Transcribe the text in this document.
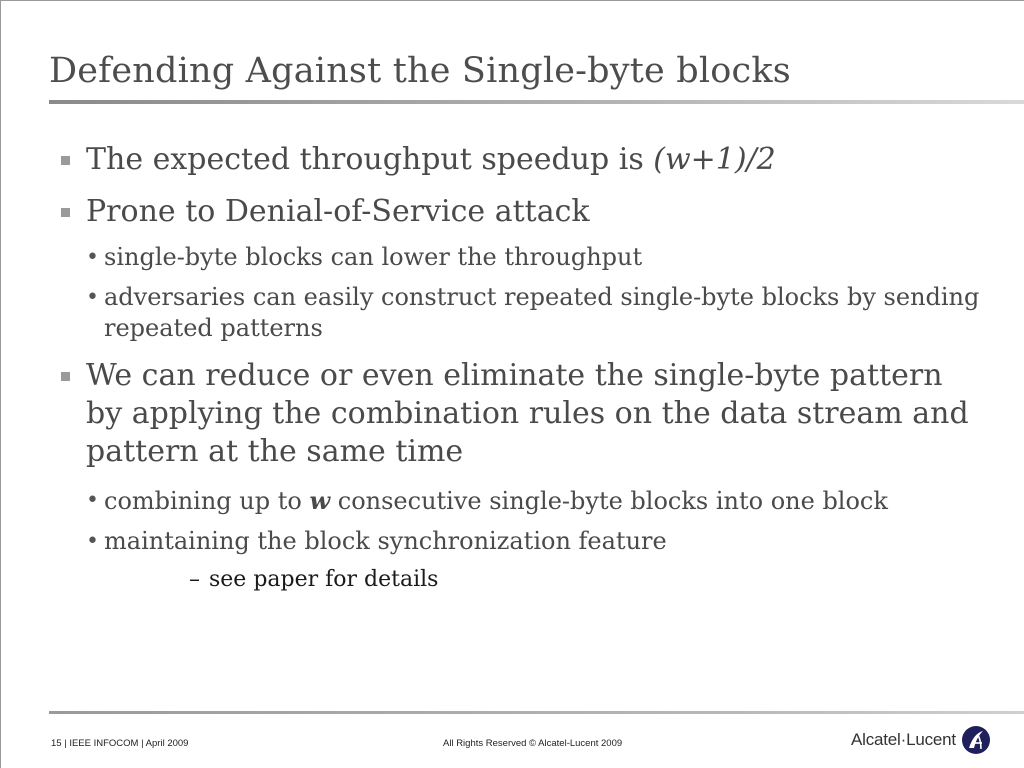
Defending Against the Single-byte blocks
The expected throughput speedup is (w+1)/2
Prone to Denial-of-Service attack
• single-byte blocks can lower the throughput
• adversaries can easily construct repeated single-byte blocks by sending repeated patterns
We can reduce or even eliminate the single-byte pattern by applying the combination rules on the data stream and pattern at the same time
• combining up to w consecutive single-byte blocks into one block
• maintaining the block synchronization feature
– see paper for details
15 | IEEE INFOCOM | April 2009	All Rights Reserved © Alcatel-Lucent 2009	Alcatel·Lucent
